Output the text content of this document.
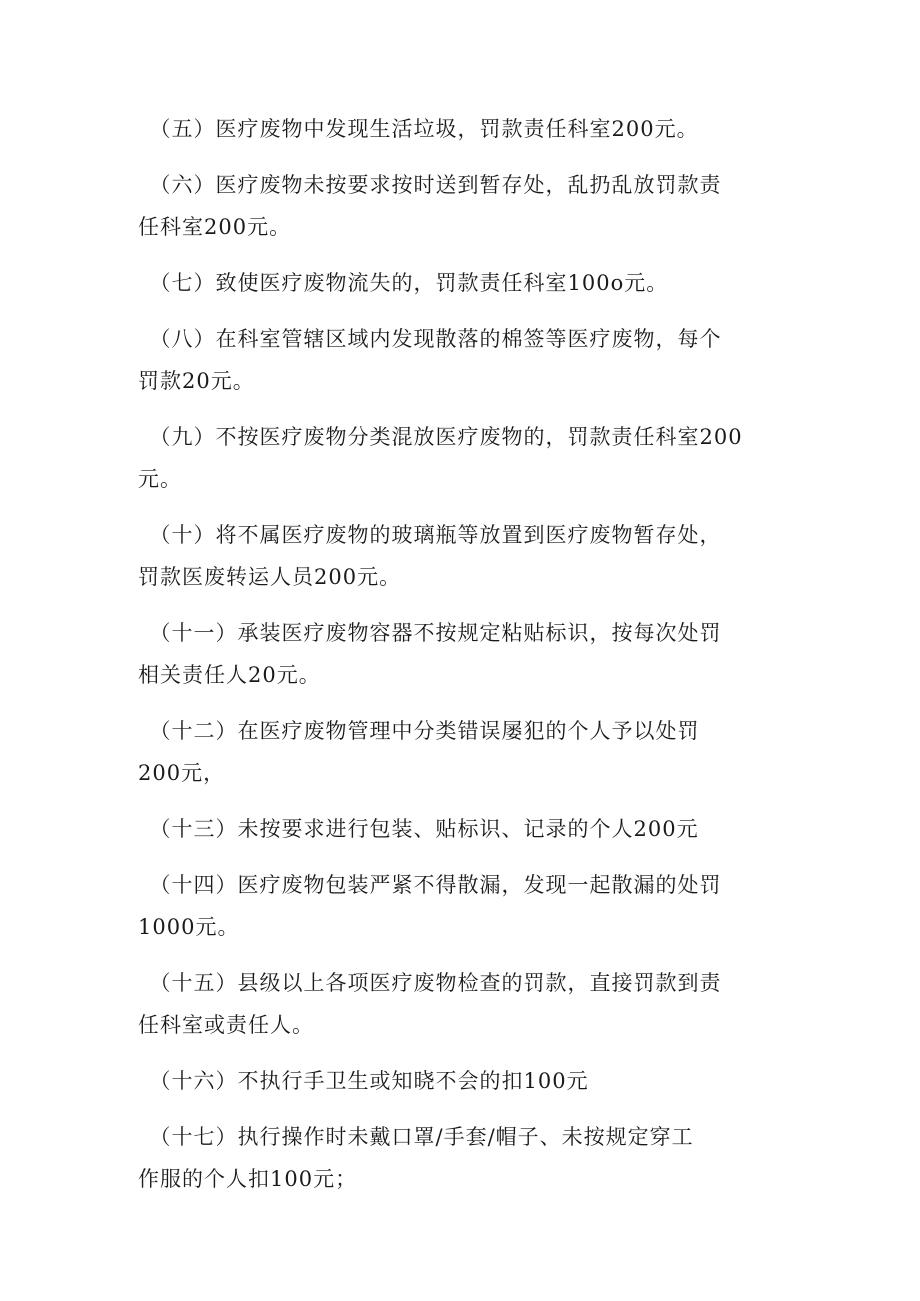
　（五）医疗废物中发现生活垃圾，罚款责任科室200元。

　（六）医疗废物未按要求按时送到暂存处，乱扔乱放罚款责
任科室200元。

　（七）致使医疗废物流失的，罚款责任科室100o元。

　（八）在科室管辖区域内发现散落的棉签等医疗废物，每个
罚款20元。

　（九）不按医疗废物分类混放医疗废物的，罚款责任科室200
元。

　（十）将不属医疗废物的玻璃瓶等放置到医疗废物暂存处，
罚款医废转运人员200元。

　（十一）承装医疗废物容器不按规定粘贴标识，按每次处罚
相关责任人20元。

　（十二）在医疗废物管理中分类错误屡犯的个人予以处罚
200元，

　（十三）未按要求进行包装、贴标识、记录的个人200元

　（十四）医疗废物包装严紧不得散漏，发现一起散漏的处罚
1000元。

　（十五）县级以上各项医疗废物检查的罚款，直接罚款到责
任科室或责任人。

　（十六）不执行手卫生或知晓不会的扣100元

　（十七）执行操作时未戴口罩/手套/帽子、未按规定穿工
作服的个人扣100元；
